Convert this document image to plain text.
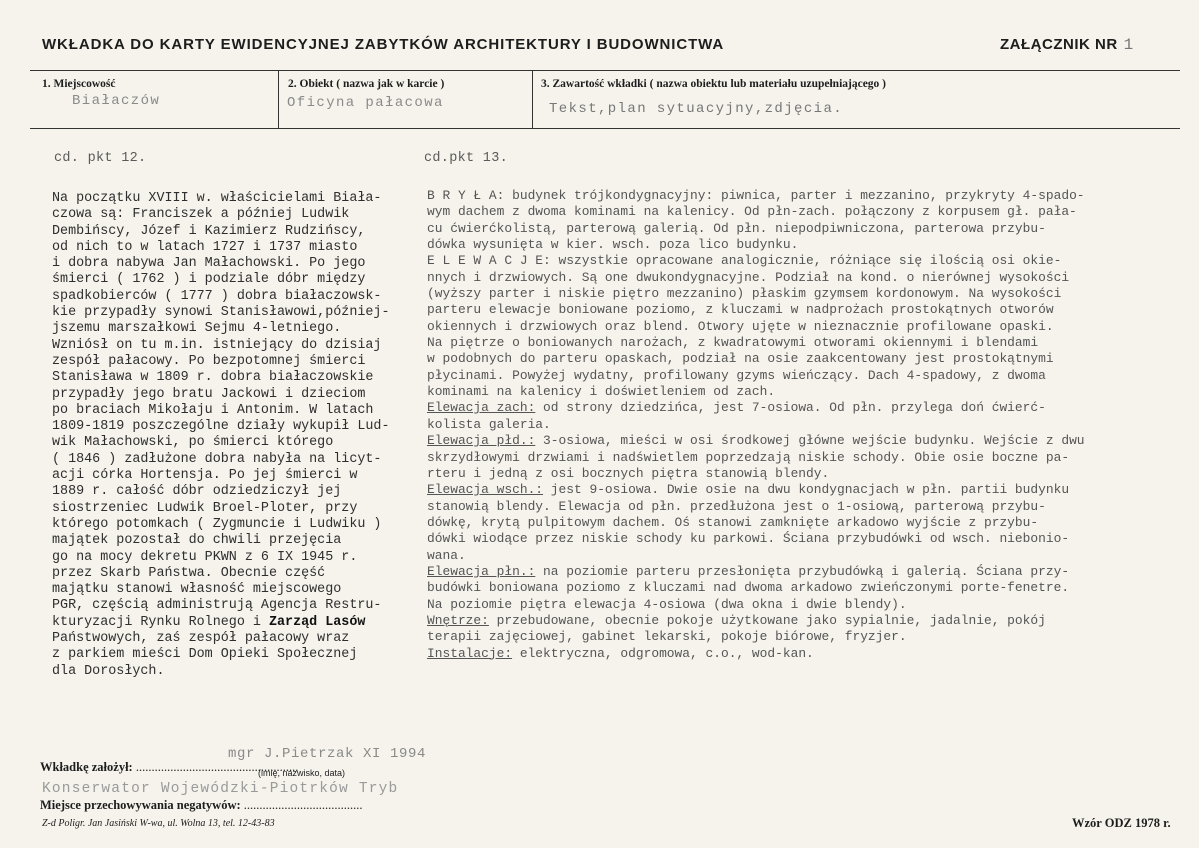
WKŁADKA DO KARTY EWIDENCYJNEJ ZABYTKÓW ARCHITEKTURY I BUDOWNICTWA	ZAŁĄCZNIK NR 1
1. Miejscowość
Białaczów
2. Obiekt ( nazwa jak w karcie )
Oficyna pałacowa
3. Zawartość wkładki ( nazwa obiektu lub materiału uzupełniającego )
Tekst,plan sytuacyjny,zdjęcia.
cd. pkt 12.	cd.pkt 13.
Na początku XVIII w. właścicielami Biała-
czowa są: Franciszek a później Ludwik
Dembińscy, Józef i Kazimierz Rudzińscy,
od nich to w latach 1727 i 1737 miasto
i dobra nabywa Jan Małachowski. Po jego
śmierci ( 1762 ) i podziale dóbr między
spadkobierców ( 1777 ) dobra białaczowsk-
kie przypadły synowi Stanisławowi,później-
jszemu marszałkowi Sejmu 4-letniego.
Wzniósł on tu m.in. istniejący do dzisiaj
zespół pałacowy. Po bezpotomnej śmierci
Stanisława w 1809 r. dobra białaczowskie
przypadły jego bratu Jackowi i dzieciom
po braciach Mikołaju i Antonim. W latach
1809-1819 poszczególne działy wykupił Lud-
wik Małachowski, po śmierci którego
( 1846 ) zadłużone dobra nabyła na licyt-
acji córka Hortensja. Po jej śmierci w
1889 r. całość dóbr odziedziczył jej
siostrzeniec Ludwik Broel-Ploter, przy
którego potomkach ( Zygmuncie i Ludwiku )
majątek pozostał do chwili przejęcia
go na mocy dekretu PKWN z 6 IX 1945 r.
przez Skarb Państwa. Obecnie część
majątku stanowi własność miejscowego
PGR, częścią administrują Agencja Restru-
kturyzacji Rynku Rolnego i Zarząd Lasów
Państwowych, zaś zespół pałacowy wraz
z parkiem mieści Dom Opieki Społecznej
dla Dorosłych.
B R Y Ł A: budynek trójkondygnacyjny: piwnica, parter i mezzanino, przykryty 4-spado-
wym dachem z dwoma kominami na kalenicy. Od płn-zach. połączony z korpusem gł. pała-
cu ćwierćkolistą, parterową galerią. Od płn. niepodpiwniczona, parterowa przybu-
dówka wysunięta w kier. wsch. poza lico budynku.
E L E W A C J E: wszystkie opracowane analogicznie, różniące się ilością osi okie-
nnych i drzwiowych. Są one dwukondygnacyjne. Podział na kond. o nierównej wysokości
(wyższy parter i niskie piętro mezzanino) płaskim gzymsem kordonowym. Na wysokości
parteru elewacje boniowane poziomo, z kluczami w nadprożach prostokątnych otworów
okiennych i drzwiowych oraz blend. Otwory ujęte w nieznacznie profilowane opaski.
Na piętrze o boniowanych narożach, z kwadratowymi otworami okiennymi i blendami
w podobnych do parteru opaskach, podział na osie zaakcentowany jest prostokątnymi
płycinami. Powyżej wydatny, profilowany gzyms wieńczący. Dach 4-spadowy, z dwoma
kominami na kalenicy i doświetleniem od zach.
Elewacja zach: od strony dziedzińca, jest 7-osiowa. Od płn. przylega doń ćwierć-
kolista galeria.
Elewacja płd.: 3-osiowa, mieści w osi środkowej główne wejście budynku. Wejście z dwu
skrzydłowymi drzwiami i nadświetlem poprzedzają niskie schody. Obie osie boczne pa-
rteru i jedną z osi bocznych piętra stanowią blendy.
Elewacja wsch.: jest 9-osiowa. Dwie osie na dwu kondygnacjach w płn. partii budynku
stanowią blendy. Elewacja od płn. przedłużona jest o 1-osiową, parterową przybu-
dówkę, krytą pulpitowym dachem. Oś stanowi zamknięte arkadowo wyjście z przybu-
dówki wiodące przez niskie schody ku parkowi. Ściana przybudówki od wsch. niebonio-
wana.
Elewacja płn.: na poziomie parteru przesłonięta przybudówką i galerią. Ściana przy-
budówki boniowana poziomo z kluczami nad dwoma arkadowo zwieńczonymi porte-fenetre.
Na poziomie piętra elewacja 4-osiowa (dwa okna i dwie blendy).
Wnętrze: przebudowane, obecnie pokoje użytkowane jako sypialnie, jadalnie, pokój
terapii zajęciowej, gabinet lekarski, pokoje biórowe, fryzjer.
Instalacje: elektryczna, odgromowa, c.o., wod-kan.
Wkładkę założył: ....................................................
mgr J.Pietrzak XI 1994
(imię, nazwisko, data)
Konserwator Wojewódzki-Piotrków Tryb
Miejsce przechowywania negatywów: ......................................
Z-d Poligr. Jan Jasiński W-wa, ul. Wolna 13, tel. 12-43-83	Wzór ODZ 1978 r.
